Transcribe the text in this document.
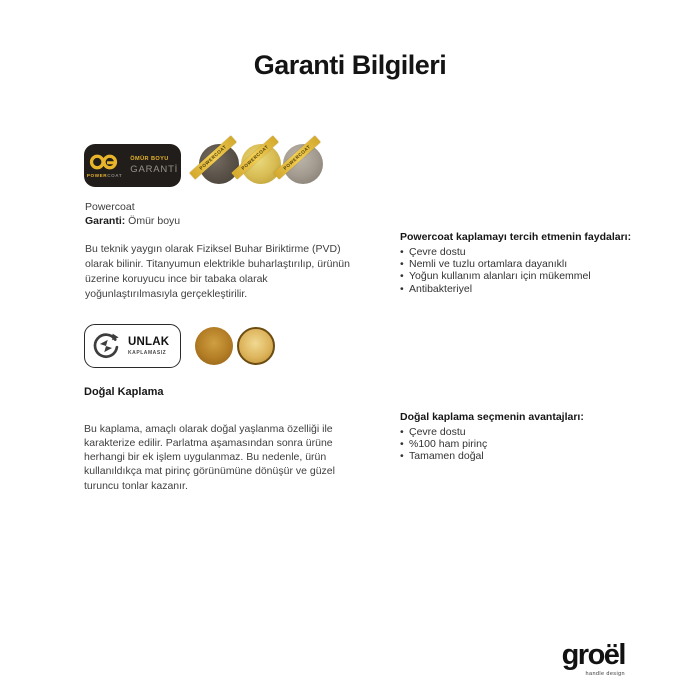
Garanti Bilgileri
POWERCOAT
ÖMÜR BOYU
GARANTİ	POWERCOAT	POWERCOAT	POWERCOAT
Powercoat
Garanti: Ömür boyu

Bu teknik yaygın olarak Fiziksel Buhar Biriktirme (PVD) olarak bilinir. Titanyumun elektrikle buharlaştırılıp, ürünün üzerine koruyucu ince bir tabaka olarak yoğunlaştırılmasıyla gerçekleştirilir.

Powercoat kaplamayı tercih etmenin faydaları:
• Çevre dostu
• Nemli ve tuzlu ortamlara dayanıklı
• Yoğun kullanım alanları için mükemmel
• Antibakteriyel
UNLAK
KAPLAMASIZ
Doğal Kaplama

Bu kaplama, amaçlı olarak doğal yaşlanma özelliği ile karakterize edilir. Parlatma aşamasından sonra ürüne herhangi bir ek işlem uygulanmaz. Bu nedenle, ürün kullanıldıkça mat pirinç görünümüne dönüşür ve güzel turuncu tonlar kazanır.

Doğal kaplama seçmenin avantajları:
• Çevre dostu
• %100 ham pirinç
• Tamamen doğal
groël
handle design
